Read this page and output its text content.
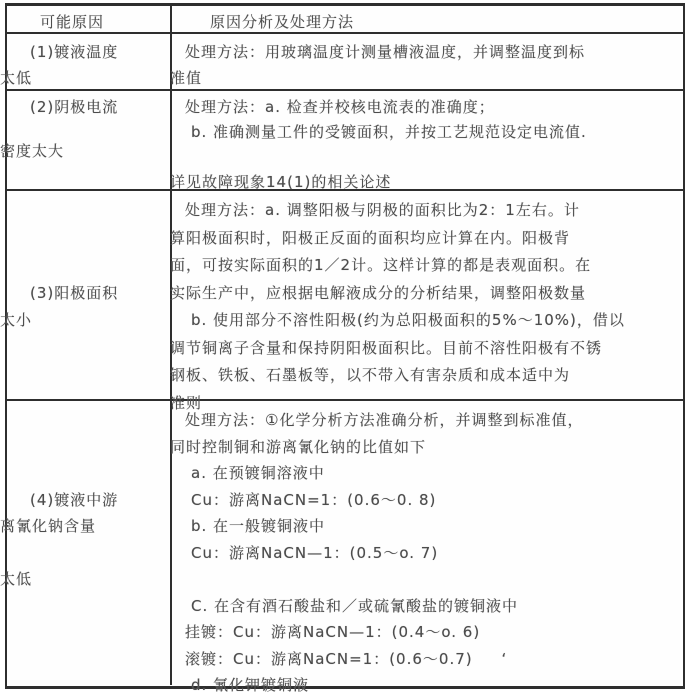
可能原因	原因分析及处理方法
(1)镀液温度
太低
处理方法：用玻璃温度计测量槽液温度，并调整温度到标
准值
(2)阴极电流
密度太大
处理方法：a. 检查并校核电流表的准确度；
b. 准确测量工件的受镀面积，并按工艺规范设定电流值.
详见故障现象14(1)的相关论述
(3)阳极面积
太小
处理方法：a. 调整阳极与阴极的面积比为2：1左右。计
算阳极面积时，阳极正反面的面积均应计算在内。阳极背
面，可按实际面积的1／2计。这样计算的都是表观面积。在
实际生产中，应根据电解液成分的分析结果，调整阳极数量
b. 使用部分不溶性阳极(约为总阳极面积的5%～10%)，借以
调节铜离子含量和保持阴阳极面积比。目前不溶性阳极有不锈
钢板、铁板、石墨板等，以不带入有害杂质和成本适中为
准则
(4)镀液中游
离氰化钠含量
太低
处理方法：①化学分析方法准确分析，并调整到标准值，
同时控制铜和游离氰化钠的比值如下
a. 在预镀铜溶液中
Cu：游离NaCN=1：(0.6～0. 8)
b. 在一般镀铜液中
Cu：游离NaCN—1：(0.5～o. 7)
C. 在含有酒石酸盐和／或硫氰酸盐的镀铜液中
挂镀：Cu：游离NaCN—1：(0.4～o. 6)
滚镀：Cu：游离NaCN=1：(0.6～0.7)     ‘
d. 氰化钾镀铜液
